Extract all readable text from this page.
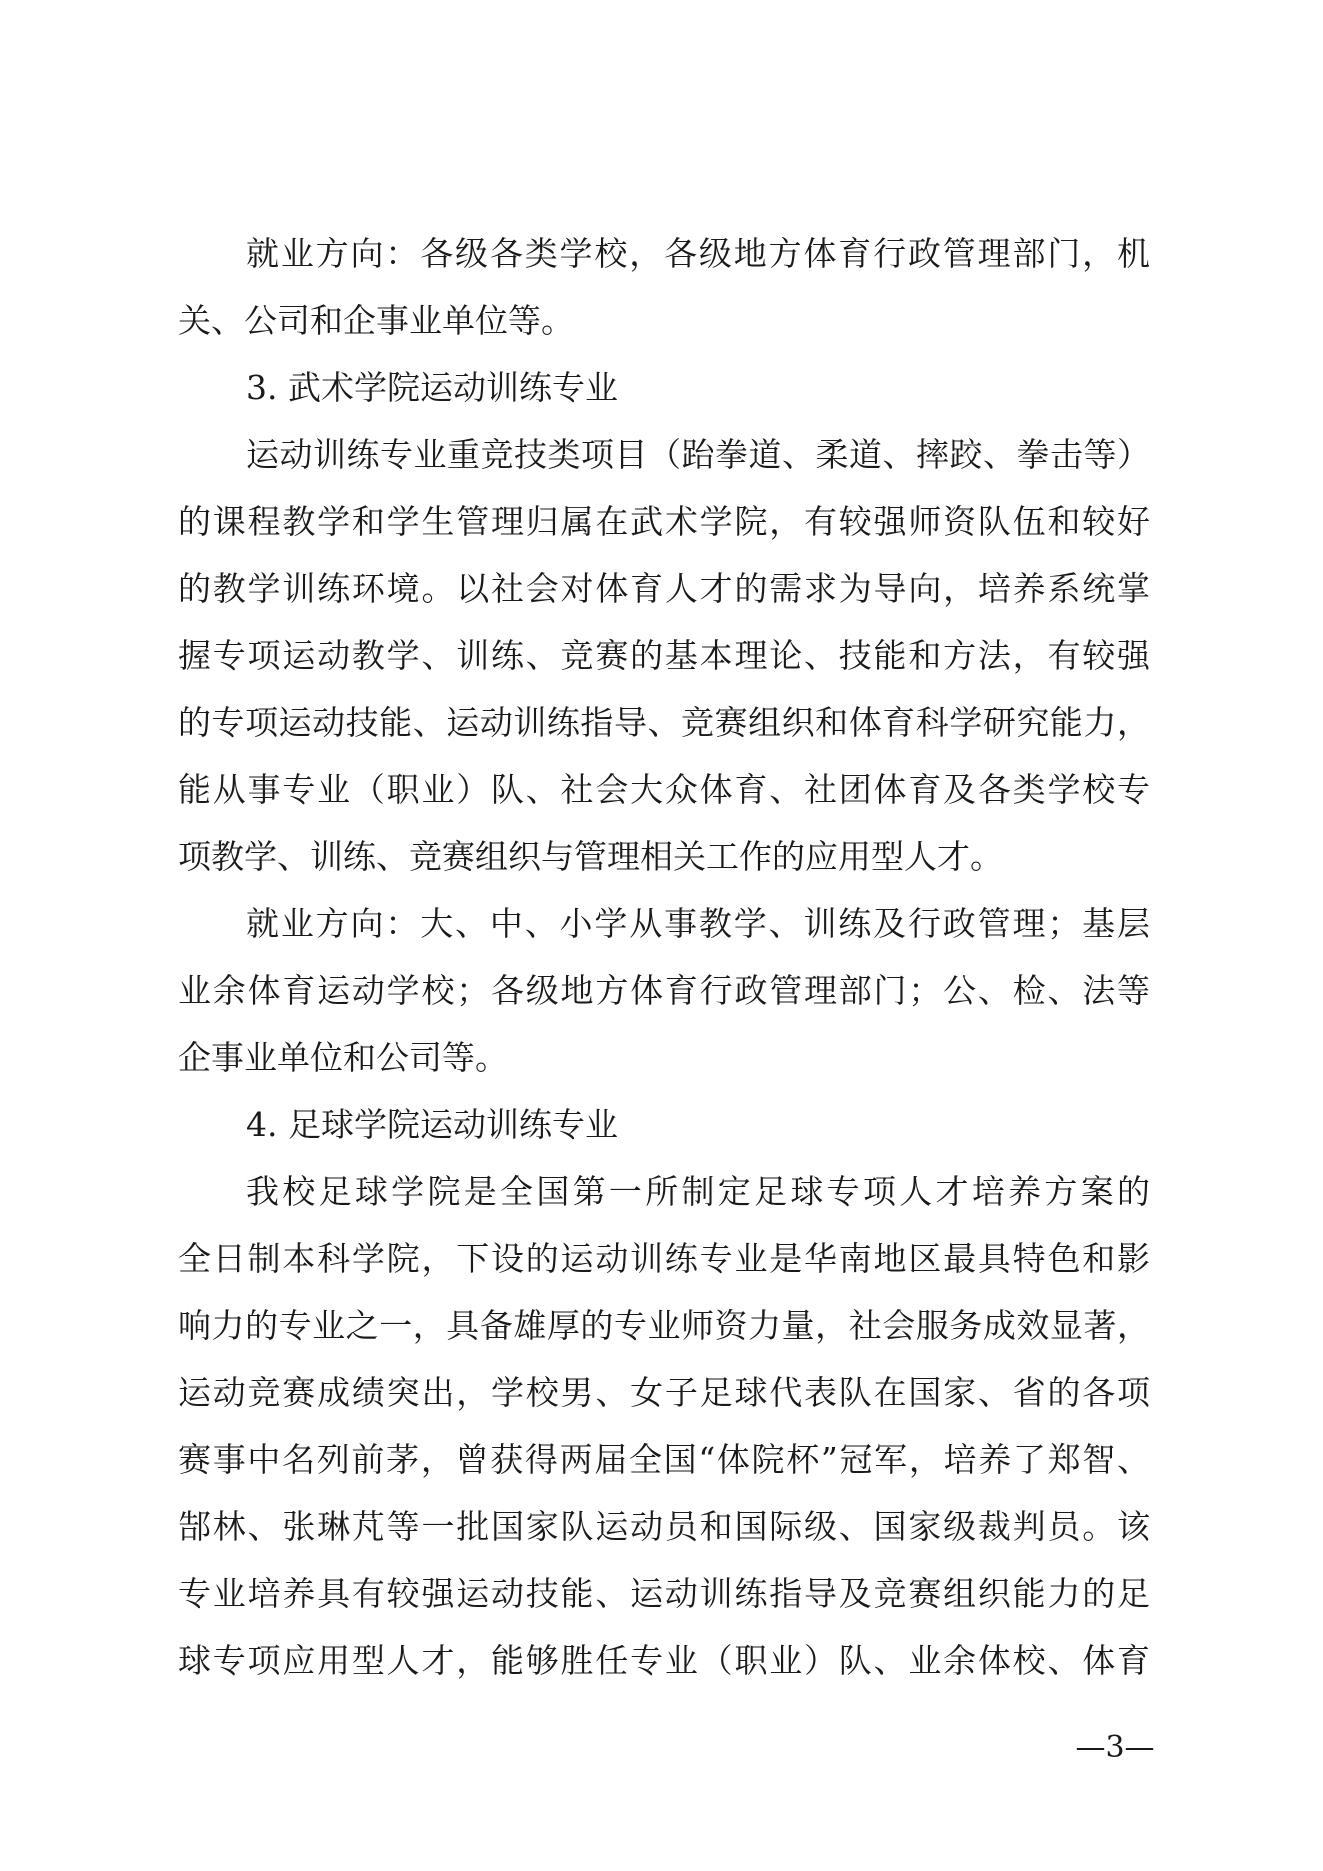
就业方向：各级各类学校，各级地方体育行政管理部门，机
关、公司和企事业单位等。
3. 武术学院运动训练专业
运动训练专业重竞技类项目（跆拳道、柔道、摔跤、拳击等）
的课程教学和学生管理归属在武术学院，有较强师资队伍和较好
的教学训练环境。以社会对体育人才的需求为导向，培养系统掌
握专项运动教学、训练、竞赛的基本理论、技能和方法，有较强
的专项运动技能、运动训练指导、竞赛组织和体育科学研究能力，
能从事专业（职业）队、社会大众体育、社团体育及各类学校专
项教学、训练、竞赛组织与管理相关工作的应用型人才。
就业方向：大、中、小学从事教学、训练及行政管理；基层
业余体育运动学校；各级地方体育行政管理部门；公、检、法等
企事业单位和公司等。
4. 足球学院运动训练专业
我校足球学院是全国第一所制定足球专项人才培养方案的
全日制本科学院，下设的运动训练专业是华南地区最具特色和影
响力的专业之一，具备雄厚的专业师资力量，社会服务成效显著，
运动竞赛成绩突出，学校男、女子足球代表队在国家、省的各项
赛事中名列前茅，曾获得两届全国“体院杯”冠军，培养了郑智、
郜林、张琳芃等一批国家队运动员和国际级、国家级裁判员。该
专业培养具有较强运动技能、运动训练指导及竞赛组织能力的足
球专项应用型人才，能够胜任专业（职业）队、业余体校、体育
—3—
